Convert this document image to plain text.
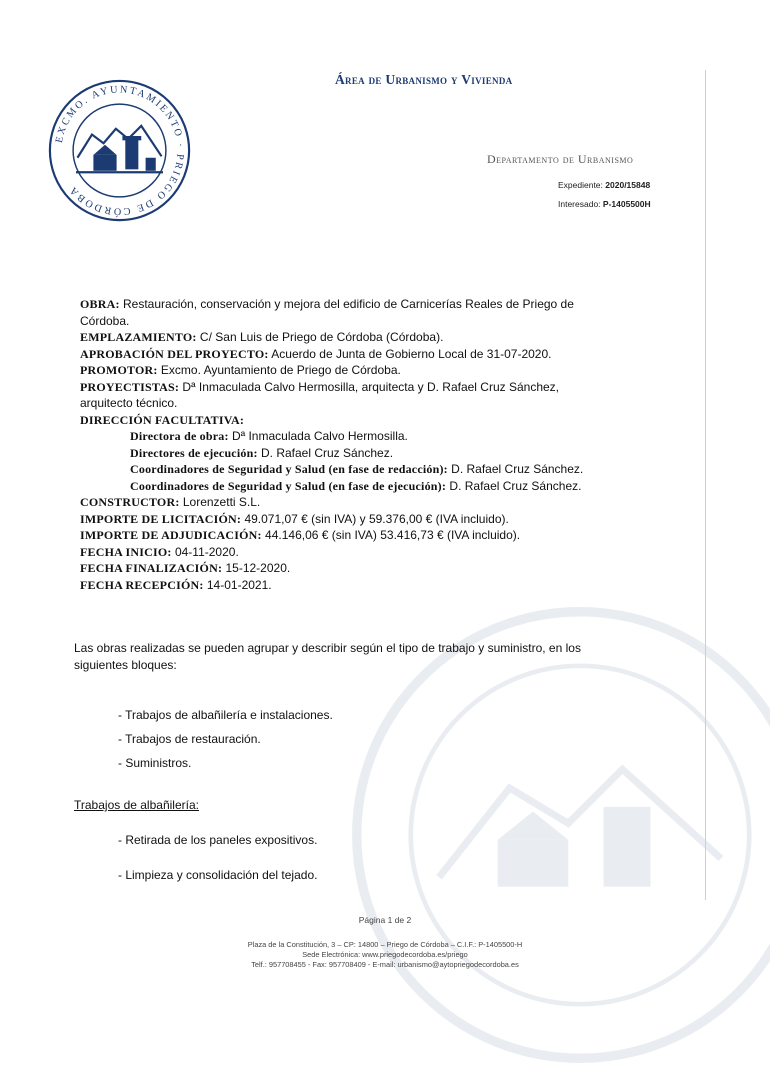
EXCMO. AYUNTAMIENTO · PRIEGO DE CÓRDOBA
Área de Urbanismo y Vivienda
Departamento de Urbanismo
Expediente: 2020/15848
Interesado: P-1405500H
OBRA: Restauración, conservación y mejora del edificio de Carnicerías Reales de Priego de
Córdoba.
EMPLAZAMIENTO: C/ San Luis de Priego de Córdoba (Córdoba).
APROBACIÓN DEL PROYECTO: Acuerdo de Junta de Gobierno Local de 31-07-2020.
PROMOTOR: Excmo. Ayuntamiento de Priego de Córdoba.
PROYECTISTAS: Dª Inmaculada Calvo Hermosilla, arquitecta y D. Rafael Cruz Sánchez,
arquitecto técnico.
DIRECCIÓN FACULTATIVA:
Directora de obra: Dª Inmaculada Calvo Hermosilla.
Directores de ejecución: D. Rafael Cruz Sánchez.
Coordinadores de Seguridad y Salud (en fase de redacción): D. Rafael Cruz Sánchez.
Coordinadores de Seguridad y Salud (en fase de ejecución): D. Rafael Cruz Sánchez.
CONSTRUCTOR: Lorenzetti S.L.
IMPORTE DE LICITACIÓN: 49.071,07 € (sin IVA) y 59.376,00 € (IVA incluido).
IMPORTE DE ADJUDICACIÓN: 44.146,06 € (sin IVA) 53.416,73 € (IVA incluido).
FECHA INICIO: 04-11-2020.
FECHA FINALIZACIÓN: 15-12-2020.
FECHA RECEPCIÓN: 14-01-2021.
Las obras realizadas se pueden agrupar y describir según el tipo de trabajo y suministro, en los
siguientes bloques:
- Trabajos de albañilería e instalaciones.
- Trabajos de restauración.
- Suministros.
Trabajos de albañilería:
- Retirada de los paneles expositivos.
- Limpieza y consolidación del tejado.
Página 1 de 2
Plaza de la Constitución, 3 – CP: 14800 – Priego de Córdoba – C.I.F.: P-1405500-H
Sede Electrónica: www.priegodecordoba.es/priego
Telf.: 957708455 - Fax: 957708409 - E-mail: urbanismo@aytopriegodecordoba.es
